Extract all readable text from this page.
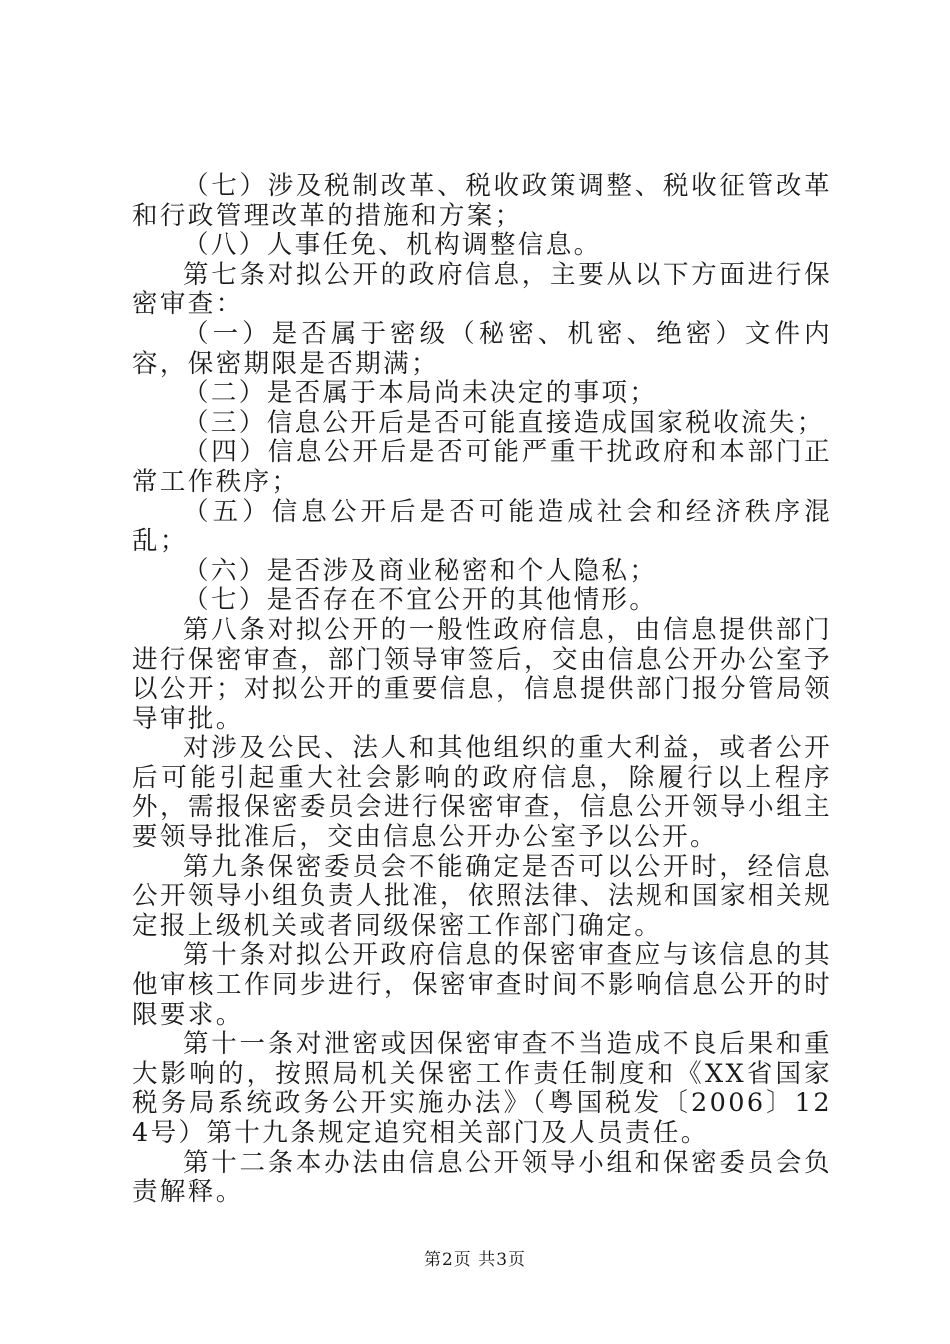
（七）涉及税制改革、税收政策调整、税收征管改革和行政管理改革的措施和方案；

（八）人事任免、机构调整信息。

第七条对拟公开的政府信息，主要从以下方面进行保密审查：

（一）是否属于密级（秘密、机密、绝密）文件内容，保密期限是否期满；

（二）是否属于本局尚未决定的事项；

（三）信息公开后是否可能直接造成国家税收流失；

（四）信息公开后是否可能严重干扰政府和本部门正常工作秩序；

（五）信息公开后是否可能造成社会和经济秩序混乱；

（六）是否涉及商业秘密和个人隐私；

（七）是否存在不宜公开的其他情形。

第八条对拟公开的一般性政府信息，由信息提供部门进行保密审查，部门领导审签后，交由信息公开办公室予以公开；对拟公开的重要信息，信息提供部门报分管局领导审批。

对涉及公民、法人和其他组织的重大利益，或者公开后可能引起重大社会影响的政府信息，除履行以上程序外，需报保密委员会进行保密审查，信息公开领导小组主要领导批准后，交由信息公开办公室予以公开。

第九条保密委员会不能确定是否可以公开时，经信息公开领导小组负责人批准，依照法律、法规和国家相关规定报上级机关或者同级保密工作部门确定。

第十条对拟公开政府信息的保密审查应与该信息的其他审核工作同步进行，保密审查时间不影响信息公开的时限要求。

第十一条对泄密或因保密审查不当造成不良后果和重大影响的，按照局机关保密工作责任制度和《XX省国家税务局系统政务公开实施办法》（粤国税发〔2006〕124号）第十九条规定追究相关部门及人员责任。

第十二条本办法由信息公开领导小组和保密委员会负责解释。

第2页 共3页
